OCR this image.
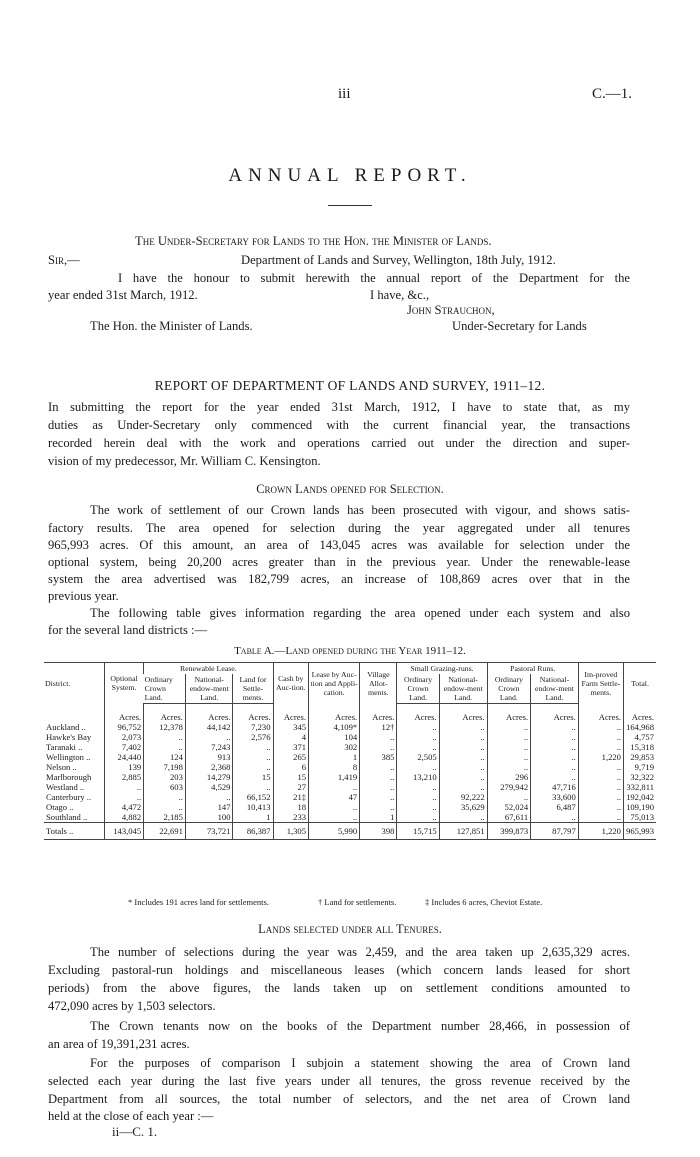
iii	C.—1.
ANNUAL REPORT.
The Under-Secretary for Lands to the Hon. the Minister of Lands.
Sir,—	Department of Lands and Survey, Wellington, 18th July, 1912.
I have the honour to submit herewith the annual report of the Department for the
year ended 31st March, 1912.	I have, &c.,
John Strauchon,
The Hon. the Minister of Lands.	Under-Secretary for Lands
REPORT OF DEPARTMENT OF LANDS AND SURVEY, 1911–12.
In submitting the report for the year ended 31st March, 1912, I have to state that, as my
duties as Under-Secretary only commenced with the current financial year, the transactions
recorded herein deal with the work and operations carried out under the direction and super-
vision of my predecessor, Mr. William C. Kensington.
Crown Lands opened for Selection.
The work of settlement of our Crown lands has been prosecuted with vigour, and shows satis-
factory results. The area opened for selection during the year aggregated under all tenures
965,993 acres. Of this amount, an area of 143,045 acres was available for selection under the
optional system, being 20,200 acres greater than in the previous year. Under the renewable-lease
system the area advertised was 182,799 acres, an increase of 108,869 acres over that in the
previous year.
The following table gives information regarding the area opened under each system and also
for the several land districts :—
Table A.—Land opened during the Year 1911–12.
District.	Optional System.	Renewable Lease.			Cash by Auc-tion.	Lease by Auc-tion and Appli-cation.	Village Allot-ments.	Small Grazing-runs.		Pastoral Runs.		Im-proved Farm Settle-ments.	Total.
		Ordinary Crown Land.	National-endow-ment Land.	Land for Settle-ments.				Ordinary Crown Land.	National-endow-ment Land.	Ordinary Crown Land.	National-endow-ment Land.		
	Acres.	Acres.	Acres.	Acres.	Acres.	Acres.	Acres.	Acres.	Acres.	Acres.	Acres.	Acres.	Acres.
Auckland ..	96,752	12,378	44,142	7,230	345	4,109*	12†	..	..	..	..	..	164,968
Hawke's Bay	2,073	..	..	2,576	4	104	..	..	..	..	..	..	4,757
Taranaki ..	7,402	..	7,243	..	371	302	..	..	..	..	..	..	15,318
Wellington ..	24,440	124	913	..	265	1	385	2,505	..	..	..	1,220	29,853
Nelson ..	139	7,198	2,368	..	6	8	..	..	..	..	..	..	9,719
Marlborough	2,885	203	14,279	15	15	1,419	..	13,210	..	296	..	..	32,322
Westland ..	..	603	4,529	..	27	..	..	..	..	279,942	47,716	..	332,811
Canterbury ..	..	..	..	66,152	21‡	47	..	..	92,222	..	33,600	..	192,042
Otago ..	4,472	..	147	10,413	18	..	..	..	35,629	52,024	6,487	..	109,190
Southland ..	4,882	2,185	100	1	233	..	1	..	..	67,611	..	..	75,013
Totals ..	143,045	22,691	73,721	86,387	1,305	5,990	398	15,715	127,851	399,873	87,797	1,220	965,993
* Includes 191 acres land for settlements.	† Land for settlements.	‡ Includes 6 acres, Cheviot Estate.
Lands selected under all Tenures.
The number of selections during the year was 2,459, and the area taken up 2,635,329 acres.
Excluding pastoral-run holdings and miscellaneous leases (which concern lands leased for short
periods) from the above figures, the lands taken up on settlement conditions amounted to
472,090 acres by 1,503 selectors.
The Crown tenants now on the books of the Department number 28,466, in possession of
an area of 19,391,231 acres.
For the purposes of comparison I subjoin a statement showing the area of Crown land
selected each year during the last five years under all tenures, the gross revenue received by the
Department from all sources, the total number of selectors, and the net area of Crown land
held at the close of each year :—
ii—C. 1.
